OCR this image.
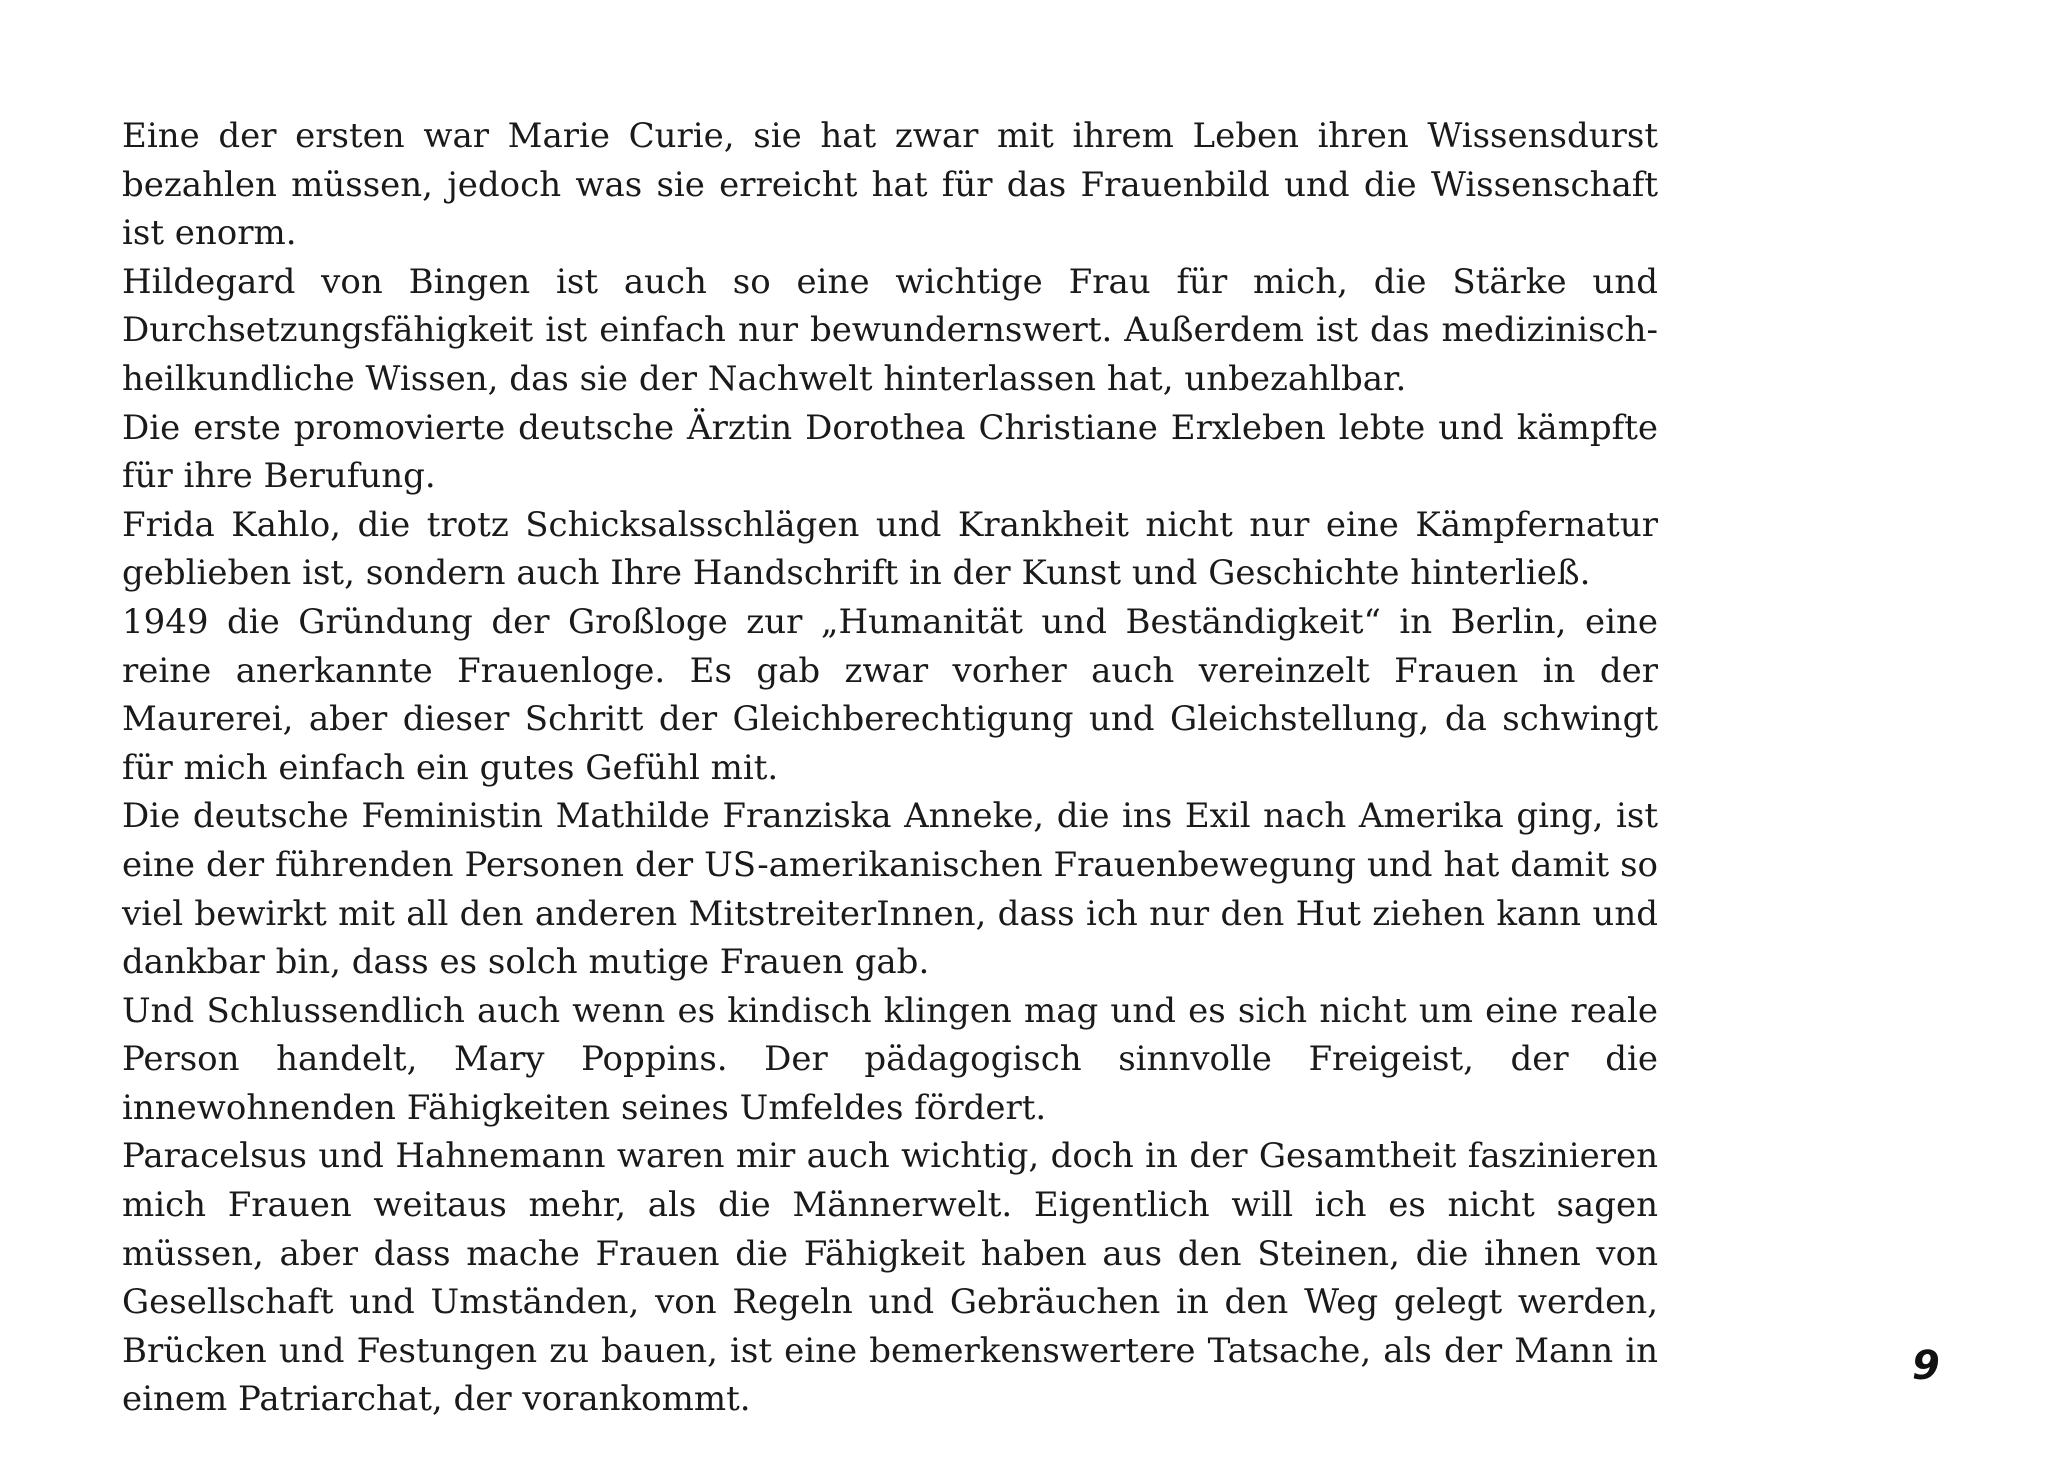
Eine der ersten war Marie Curie, sie hat zwar mit ihrem Leben ihren Wissensdurst bezahlen müssen, jedoch was sie erreicht hat für das Frauenbild und die Wissenschaft ist enorm.

Hildegard von Bingen ist auch so eine wichtige Frau für mich, die Stärke und Durchsetzungsfähigkeit ist einfach nur bewundernswert. Außerdem ist das medizinisch-heilkundliche Wissen, das sie der Nachwelt hinterlassen hat, unbezahlbar.

Die erste promovierte deutsche Ärztin Dorothea Christiane Erxleben lebte und kämpfte für ihre Berufung.

Frida Kahlo, die trotz Schicksalsschlägen und Krankheit nicht nur eine Kämpfernatur geblieben ist, sondern auch Ihre Handschrift in der Kunst und Geschichte hinterließ.

1949 die Gründung der Großloge zur „Humanität und Beständigkeit“ in Berlin, eine reine anerkannte Frauenloge. Es gab zwar vorher auch vereinzelt Frauen in der Maurerei, aber dieser Schritt der Gleichberechtigung und Gleichstellung, da schwingt für mich einfach ein gutes Gefühl mit.

Die deutsche Feministin Mathilde Franziska Anneke, die ins Exil nach Amerika ging, ist eine der führenden Personen der US-amerikanischen Frauenbewegung und hat damit so viel bewirkt mit all den anderen MitstreiterInnen, dass ich nur den Hut ziehen kann und dankbar bin, dass es solch mutige Frauen gab.

Und Schlussendlich auch wenn es kindisch klingen mag und es sich nicht um eine reale Person handelt, Mary Poppins. Der pädagogisch sinnvolle Freigeist, der die innewohnenden Fähigkeiten seines Umfeldes fördert.

Paracelsus und Hahnemann waren mir auch wichtig, doch in der Gesamtheit faszinieren mich Frauen weitaus mehr, als die Männerwelt. Eigentlich will ich es nicht sagen müssen, aber dass mache Frauen die Fähigkeit haben aus den Steinen, die ihnen von Gesellschaft und Umständen, von Regeln und Gebräuchen in den Weg gelegt werden, Brücken und Festungen zu bauen, ist eine bemerkenswertere Tatsache, als der Mann in einem Patriarchat, der vorankommt.

9
